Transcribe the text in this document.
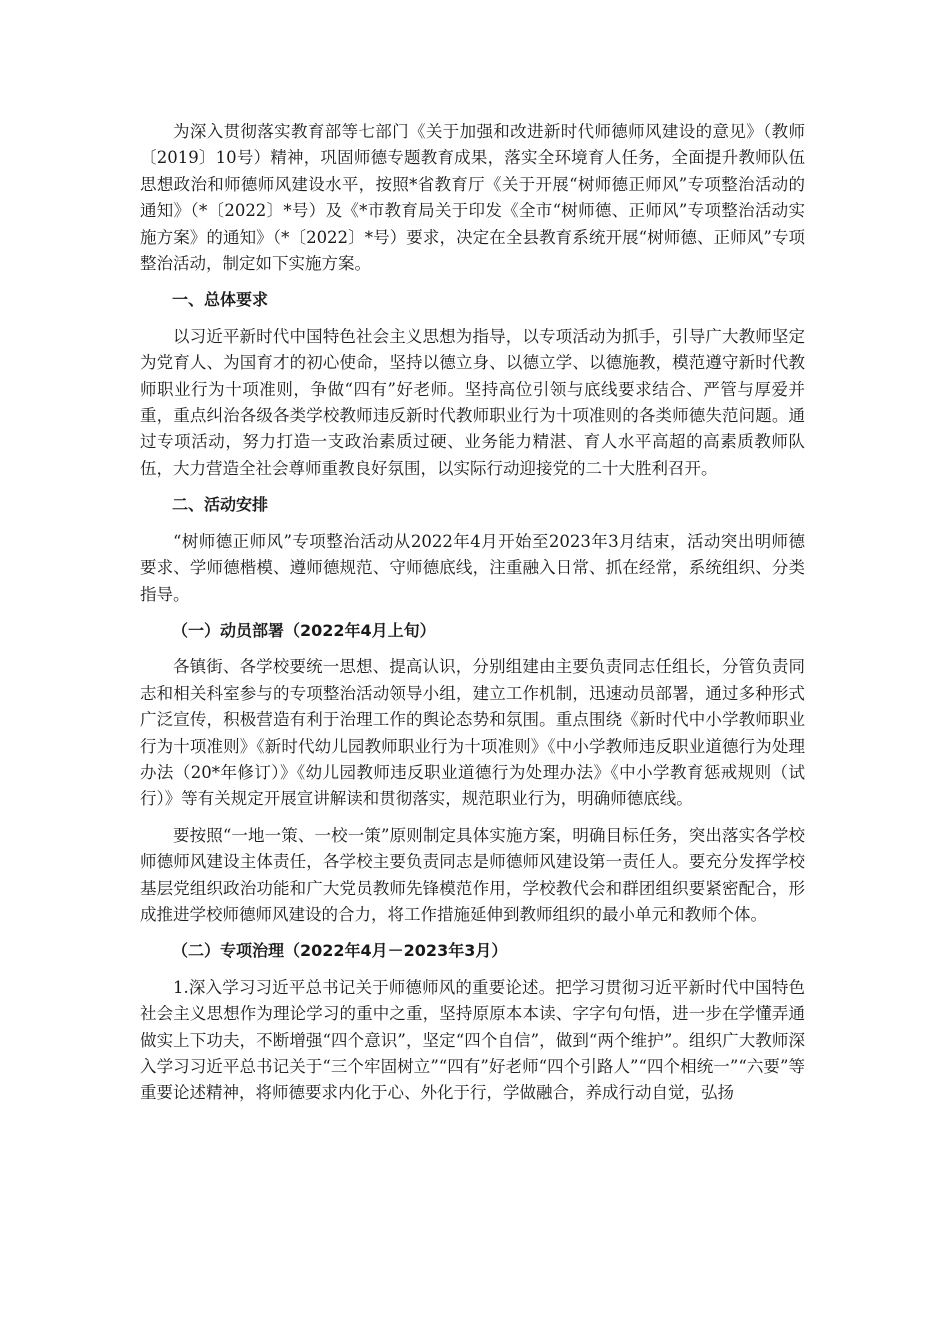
为深入贯彻落实教育部等七部门《关于加强和改进新时代师德师风建设的意见》（教师〔2019〕10号）精神，巩固师德专题教育成果，落实全环境育人任务，全面提升教师队伍思想政治和师德师风建设水平，按照*省教育厅《关于开展“树师德正师风”专项整治活动的通知》（*〔2022〕*号）及《*市教育局关于印发《全市“树师德、正师风”专项整治活动实施方案》的通知》（*〔2022〕*号）要求，决定在全县教育系统开展“树师德、正师风”专项整治活动，制定如下实施方案。

一、总体要求

以习近平新时代中国特色社会主义思想为指导，以专项活动为抓手，引导广大教师坚定为党育人、为国育才的初心使命，坚持以德立身、以德立学、以德施教，模范遵守新时代教师职业行为十项准则，争做“四有”好老师。坚持高位引领与底线要求结合、严管与厚爱并重，重点纠治各级各类学校教师违反新时代教师职业行为十项准则的各类师德失范问题。通过专项活动，努力打造一支政治素质过硬、业务能力精湛、育人水平高超的高素质教师队伍，大力营造全社会尊师重教良好氛围，以实际行动迎接党的二十大胜利召开。

二、活动安排

“树师德正师风”专项整治活动从2022年4月开始至2023年3月结束，活动突出明师德要求、学师德楷模、遵师德规范、守师德底线，注重融入日常、抓在经常，系统组织、分类指导。

（一）动员部署（2022年4月上旬）

各镇街、各学校要统一思想、提高认识，分别组建由主要负责同志任组长，分管负责同志和相关科室参与的专项整治活动领导小组，建立工作机制，迅速动员部署，通过多种形式广泛宣传，积极营造有利于治理工作的舆论态势和氛围。重点围绕《新时代中小学教师职业行为十项准则》《新时代幼儿园教师职业行为十项准则》《中小学教师违反职业道德行为处理办法（20*年修订）》《幼儿园教师违反职业道德行为处理办法》《中小学教育惩戒规则（试行）》等有关规定开展宣讲解读和贯彻落实，规范职业行为，明确师德底线。

要按照“一地一策、一校一策”原则制定具体实施方案，明确目标任务，突出落实各学校师德师风建设主体责任，各学校主要负责同志是师德师风建设第一责任人。要充分发挥学校基层党组织政治功能和广大党员教师先锋模范作用，学校教代会和群团组织要紧密配合，形成推进学校师德师风建设的合力，将工作措施延伸到教师组织的最小单元和教师个体。

（二）专项治理（2022年4月－2023年3月）

1.深入学习习近平总书记关于师德师风的重要论述。把学习贯彻习近平新时代中国特色社会主义思想作为理论学习的重中之重，坚持原原本本读、字字句句悟，进一步在学懂弄通做实上下功夫，不断增强“四个意识”，坚定“四个自信”，做到“两个维护”。组织广大教师深入学习习近平总书记关于“三个牢固树立”“四有”好老师“四个引路人”“四个相统一”“六要”等重要论述精神，将师德要求内化于心、外化于行，学做融合，养成行动自觉，弘扬
